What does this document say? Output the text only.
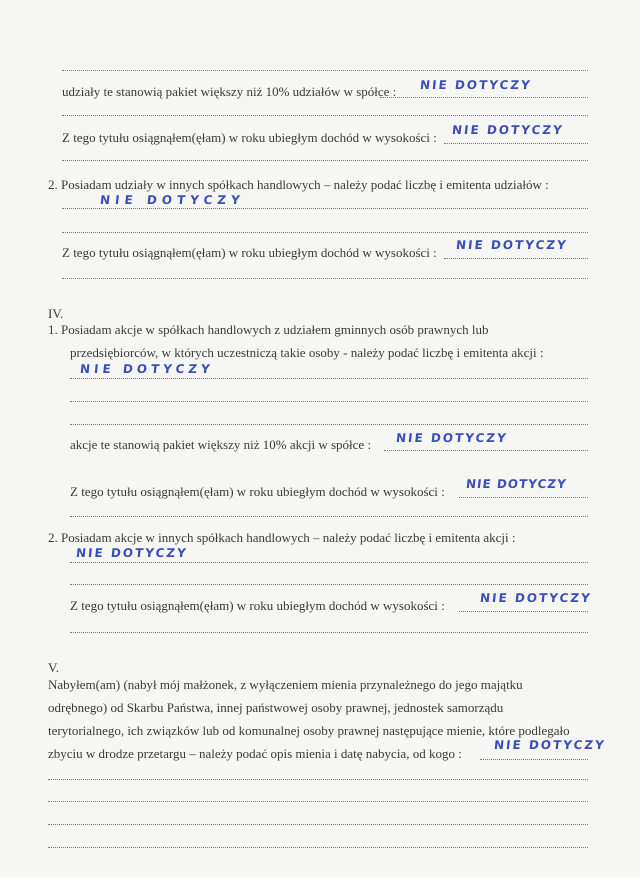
udziały te stanowią pakiet większy niż 10% udziałów w spółce : NIE DOTYCZY
Z tego tytułu osiągnąłem(ęłam) w roku ubiegłym dochód w wysokości : NIE DOTYCZY
2. Posiadam udziały w innych spółkach handlowych – należy podać liczbę i emitenta udziałów :
NIE DOTYCZY
Z tego tytułu osiągnąłem(ęłam) w roku ubiegłym dochód w wysokości : NIE DOTYCZY
IV.
1. Posiadam akcje w spółkach handlowych z udziałem gminnych osób prawnych lub
przedsiębiorców, w których uczestniczą takie osoby - należy podać liczbę i emitenta akcji :
NIE DOTYCZY
akcje te stanowią pakiet większy niż 10% akcji w spółce : NIE DOTYCZY
Z tego tytułu osiągnąłem(ęłam) w roku ubiegłym dochód w wysokości : NIE DOTYCZY
2. Posiadam akcje w innych spółkach handlowych – należy podać liczbę i emitenta akcji :
NIE DOTYCZY
Z tego tytułu osiągnąłem(ęłam) w roku ubiegłym dochód w wysokości :	NIE DOTYCZY
V.
Nabyłem(am) (nabył mój małżonek, z wyłączeniem mienia przynależnego do jego majątku
odrębnego) od Skarbu Państwa, innej państwowej osoby prawnej, jednostek samorządu
terytorialnego, ich związków lub od komunalnej osoby prawnej następujące mienie, które podlegało
zbyciu w drodze przetargu – należy podać opis mienia i datę nabycia, od kogo :
NIE DOTYCZY
